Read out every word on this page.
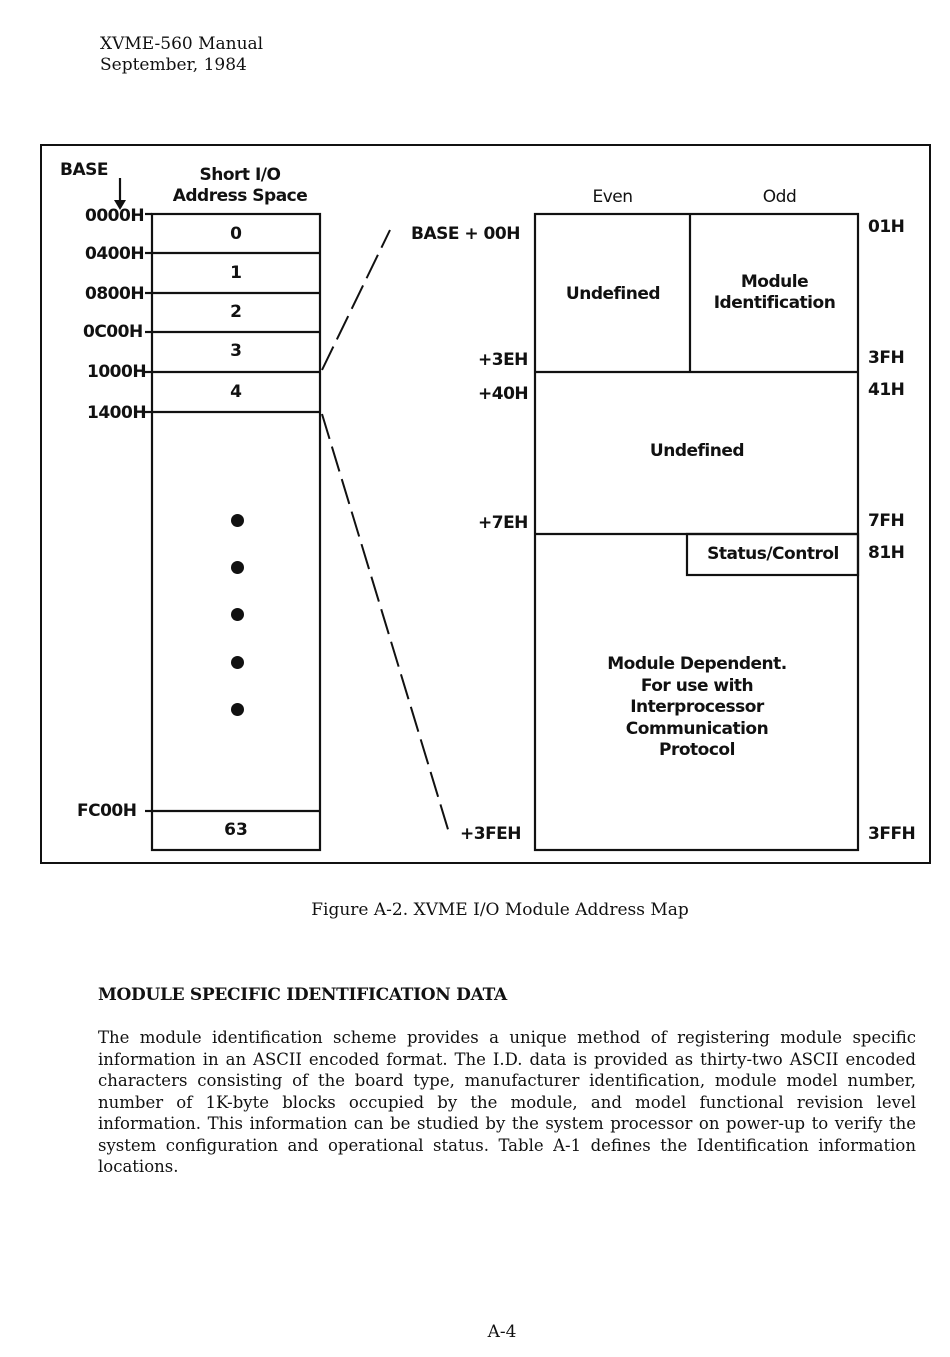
XVME-560 Manual
September, 1984
BASE	Short I/O
Address Space
0000H
0400H
0800H
0C00H
1000H
1400H
FC00H
0
1
2
3
4
63
Even	Odd
BASE + 00H
+3EH
+40H
+7EH
+3FEH
01H
3FH
41H
7FH
81H
3FFH
Undefined
Module
Identification
Undefined
Status/Control
Module Dependent.
For use with
Interprocessor
Communication
Protocol
Figure A-2. XVME I/O Module Address Map
MODULE SPECIFIC IDENTIFICATION DATA
The module identification scheme provides a unique method of registering module specific information in an ASCII encoded format. The I.D. data is provided as thirty-two ASCII encoded characters consisting of the board type, manufacturer identification, module model number, number of 1K-byte blocks occupied by the module, and model functional revision level information. This information can be studied by the system processor on power-up to verify the system configuration and operational status. Table A-1 defines the Identification information locations.
A-4
